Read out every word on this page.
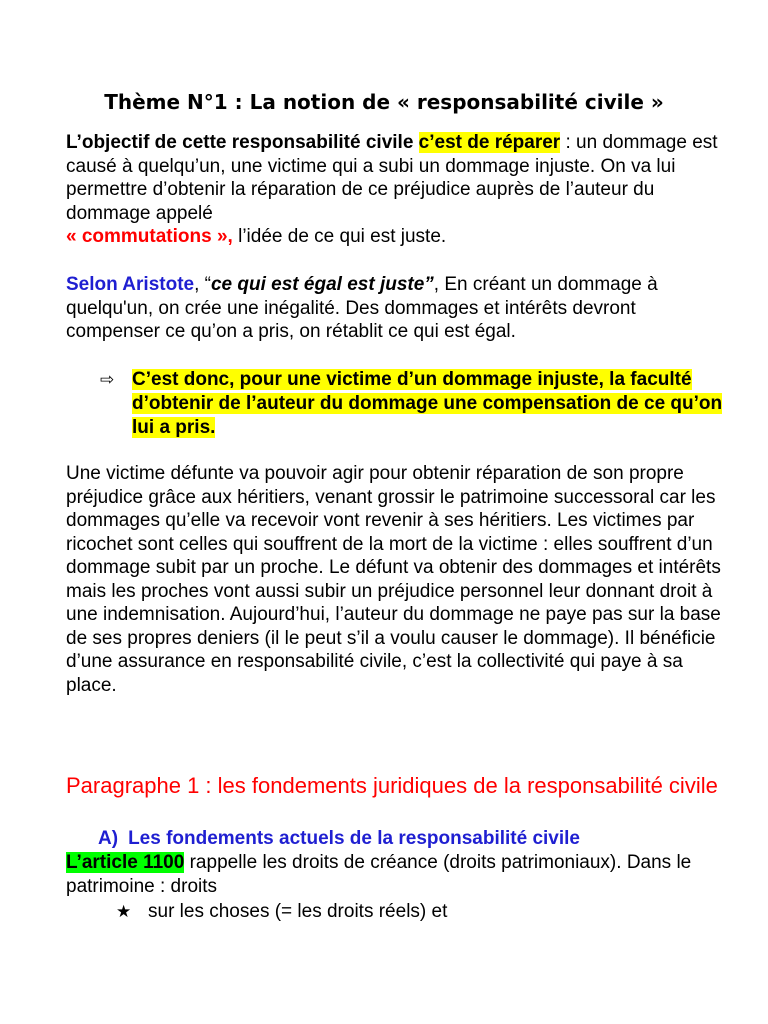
Thème N°1 : La notion de « responsabilité civile »
L’objectif de cette responsabilité civile c’est de réparer : un dommage est causé à quelqu’un, une victime qui a subi un dommage injuste. On va lui permettre d’obtenir la réparation de ce préjudice auprès de l’auteur du dommage appelé
« commutations », l’idée de ce qui est juste.
Selon Aristote, “ce qui est égal est juste”, En créant un dommage à quelqu'un, on crée une inégalité. Des dommages et intérêts devront compenser ce qu’on a pris, on rétablit ce qui est égal.
⇨ C’est donc, pour une victime d’un dommage injuste, la faculté d’obtenir de l’auteur du dommage une compensation de ce qu’on lui a pris.
Une victime défunte va pouvoir agir pour obtenir réparation de son propre préjudice grâce aux héritiers, venant grossir le patrimoine successoral car les dommages qu’elle va recevoir vont revenir à ses héritiers. Les victimes par ricochet sont celles qui souffrent de la mort de la victime : elles souffrent d’un dommage subit par un proche. Le défunt va obtenir des dommages et intérêts mais les proches vont aussi subir un préjudice personnel leur donnant droit à une indemnisation. Aujourd’hui, l’auteur du dommage ne paye pas sur la base de ses propres deniers (il le peut s’il a voulu causer le dommage). Il bénéficie d’une assurance en responsabilité civile, c’est la collectivité qui paye à sa place.
Paragraphe 1 : les fondements juridiques de la responsabilité civile
A) Les fondements actuels de la responsabilité civile
L’article 1100 rappelle les droits de créance (droits patrimoniaux). Dans le patrimoine : droits
★ sur les choses (= les droits réels) et
